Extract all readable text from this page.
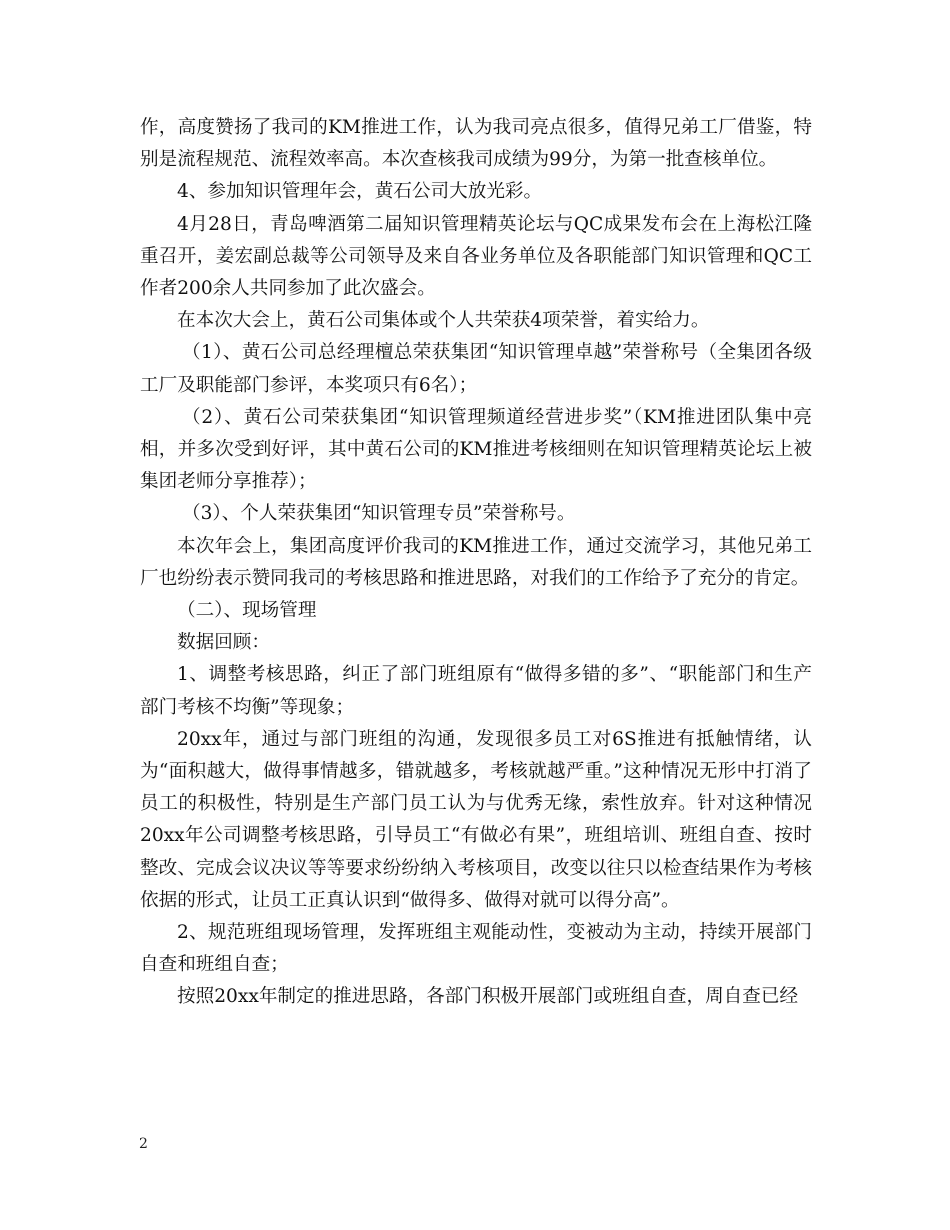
作，高度赞扬了我司的KM推进工作，认为我司亮点很多，值得兄弟工厂借鉴，特别是流程规范、流程效率高。本次查核我司成绩为99分，为第一批查核单位。

4、参加知识管理年会，黄石公司大放光彩。

4月28日，青岛啤酒第二届知识管理精英论坛与QC成果发布会在上海松江隆重召开，姜宏副总裁等公司领导及来自各业务单位及各职能部门知识管理和QC工作者200余人共同参加了此次盛会。

在本次大会上，黄石公司集体或个人共荣获4项荣誉，着实给力。

（1）、黄石公司总经理檀总荣获集团“知识管理卓越”荣誉称号（全集团各级工厂及职能部门参评，本奖项只有6名）；

（2）、黄石公司荣获集团“知识管理频道经营进步奖”（KM推进团队集中亮相，并多次受到好评，其中黄石公司的KM推进考核细则在知识管理精英论坛上被集团老师分享推荐）；

（3）、个人荣获集团“知识管理专员”荣誉称号。

本次年会上，集团高度评价我司的KM推进工作，通过交流学习，其他兄弟工厂也纷纷表示赞同我司的考核思路和推进思路，对我们的工作给予了充分的肯定。

（二）、现场管理

数据回顾：

1、调整考核思路，纠正了部门班组原有“做得多错的多”、“职能部门和生产部门考核不均衡”等现象；

20xx年，通过与部门班组的沟通，发现很多员工对6S推进有抵触情绪，认为“面积越大，做得事情越多，错就越多，考核就越严重。”这种情况无形中打消了员工的积极性，特别是生产部门员工认为与优秀无缘，索性放弃。针对这种情况20xx年公司调整考核思路，引导员工“有做必有果”，班组培训、班组自查、按时整改、完成会议决议等等要求纷纷纳入考核项目，改变以往只以检查结果作为考核依据的形式，让员工正真认识到“做得多、做得对就可以得分高”。

2、规范班组现场管理，发挥班组主观能动性，变被动为主动，持续开展部门自查和班组自查；

按照20xx年制定的推进思路，各部门积极开展部门或班组自查，周自查已经

2
